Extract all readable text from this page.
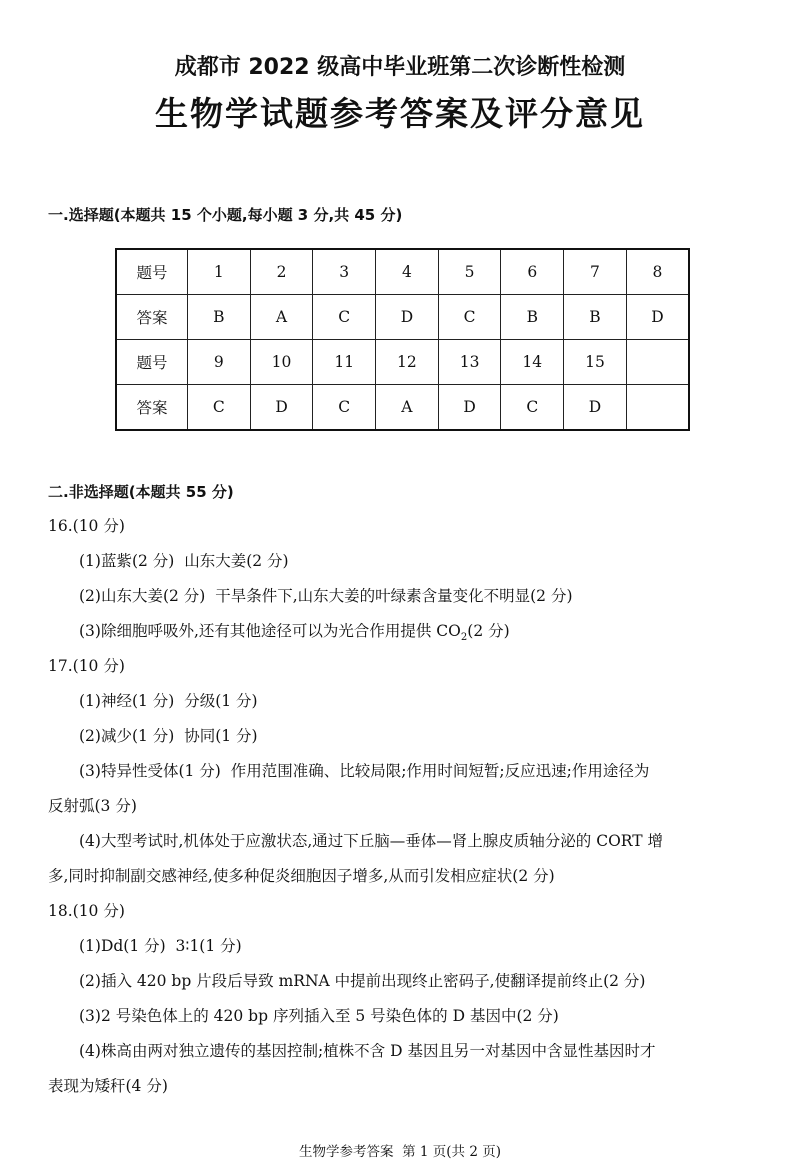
成都市 2022 级高中毕业班第二次诊断性检测
生物学试题参考答案及评分意见
一.选择题(本题共 15 个小题,每小题 3 分,共 45 分)
题号	1	2	3	4	5	6	7	8
答案	B	A	C	D	C	B	B	D
题号	9	10	11	12	13	14	15	
答案	C	D	C	A	D	C	D	
二.非选择题(本题共 55 分)
16.(10 分)
(1)蓝紫(2 分)  山东大姜(2 分)
(2)山东大姜(2 分)  干旱条件下,山东大姜的叶绿素含量变化不明显(2 分)
(3)除细胞呼吸外,还有其他途径可以为光合作用提供 $CO_2(2$ 分)
17.(10 分)
(1)神经(1 分)  分级(1 分)
(2)减少(1 分)  协同(1 分)
(3)特异性受体(1 分)  作用范围准确、比较局限;作用时间短暂;反应迅速;作用途径为
反射弧(3 分)
(4)大型考试时,机体处于应激状态,通过下丘脑—垂体—肾上腺皮质轴分泌的 CORT 增
多,同时抑制副交感神经,使多种促炎细胞因子增多,从而引发相应症状(2 分)
18.(10 分)
(1)Dd(1 分)  3∶1(1 分)
(2)插入 420 bp 片段后导致 mRNA 中提前出现终止密码子,使翻译提前终止(2 分)
(3)2 号染色体上的 420 bp 序列插入至 5 号染色体的 D 基因中(2 分)
(4)株高由两对独立遗传的基因控制;植株不含 D 基因且另一对基因中含显性基因时才
表现为矮秆(4 分)
生物学参考答案  第 1 页(共 2 页)
